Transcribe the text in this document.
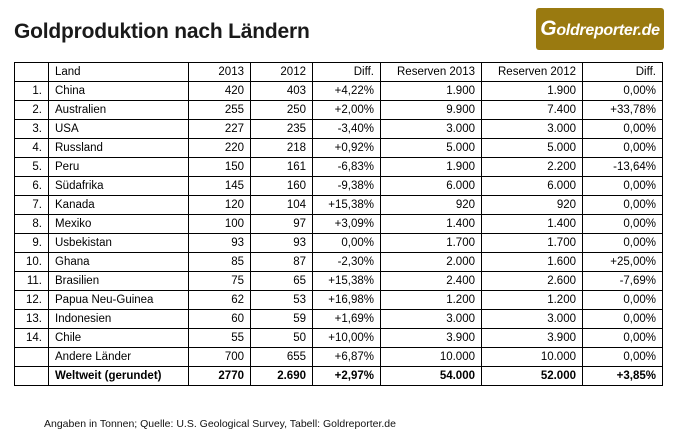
Goldproduktion nach Ländern	Goldreporter.de
	Land	2013	2012	Diff.	Reserven 2013	Reserven 2012	Diff.
1.	China	420	403	+4,22%	1.900	1.900	0,00%
2.	Australien	255	250	+2,00%	9.900	7.400	+33,78%
3.	USA	227	235	-3,40%	3.000	3.000	0,00%
4.	Russland	220	218	+0,92%	5.000	5.000	0,00%
5.	Peru	150	161	-6,83%	1.900	2.200	-13,64%
6.	Südafrika	145	160	-9,38%	6.000	6.000	0,00%
7.	Kanada	120	104	+15,38%	920	920	0,00%
8.	Mexiko	100	97	+3,09%	1.400	1.400	0,00%
9.	Usbekistan	93	93	0,00%	1.700	1.700	0,00%
10.	Ghana	85	87	-2,30%	2.000	1.600	+25,00%
11.	Brasilien	75	65	+15,38%	2.400	2.600	-7,69%
12.	Papua Neu-Guinea	62	53	+16,98%	1.200	1.200	0,00%
13.	Indonesien	60	59	+1,69%	3.000	3.000	0,00%
14.	Chile	55	50	+10,00%	3.900	3.900	0,00%
	Andere Länder	700	655	+6,87%	10.000	10.000	0,00%
	Weltweit (gerundet)	2770	2.690	+2,97%	54.000	52.000	+3,85%
Angaben in Tonnen; Quelle: U.S. Geological Survey, Tabell: Goldreporter.de
